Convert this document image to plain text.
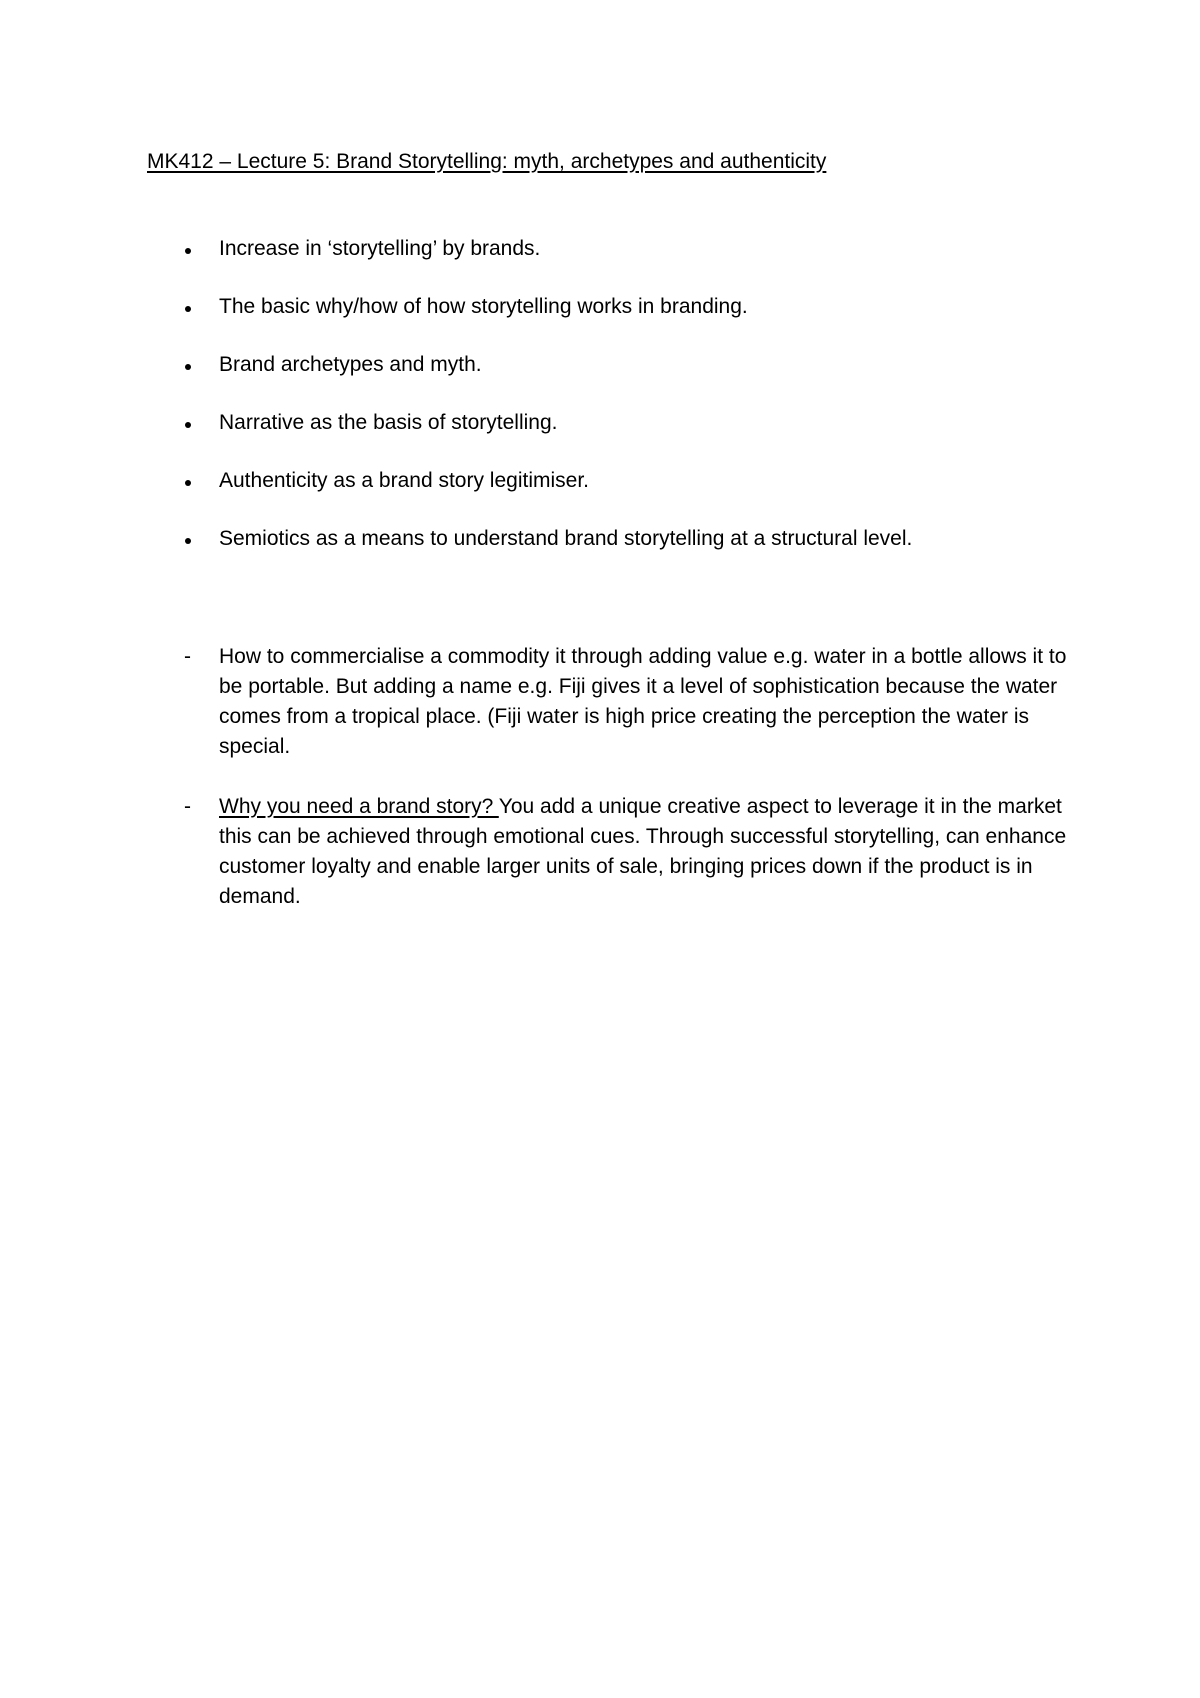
MK412 – Lecture 5: Brand Storytelling: myth, archetypes and authenticity
Increase in ‘storytelling’ by brands.
The basic why/how of how storytelling works in branding.
Brand archetypes and myth.
Narrative as the basis of storytelling.
Authenticity as a brand story legitimiser.
Semiotics as a means to understand brand storytelling at a structural level.
- How to commercialise a commodity it through adding value e.g. water in a bottle allows it to be portable. But adding a name e.g. Fiji gives it a level of sophistication because the water comes from a tropical place. (Fiji water is high price creating the perception the water is special.
- Why you need a brand story? You add a unique creative aspect to leverage it in the market this can be achieved through emotional cues. Through successful storytelling, can enhance customer loyalty and enable larger units of sale, bringing prices down if the product is in demand.
